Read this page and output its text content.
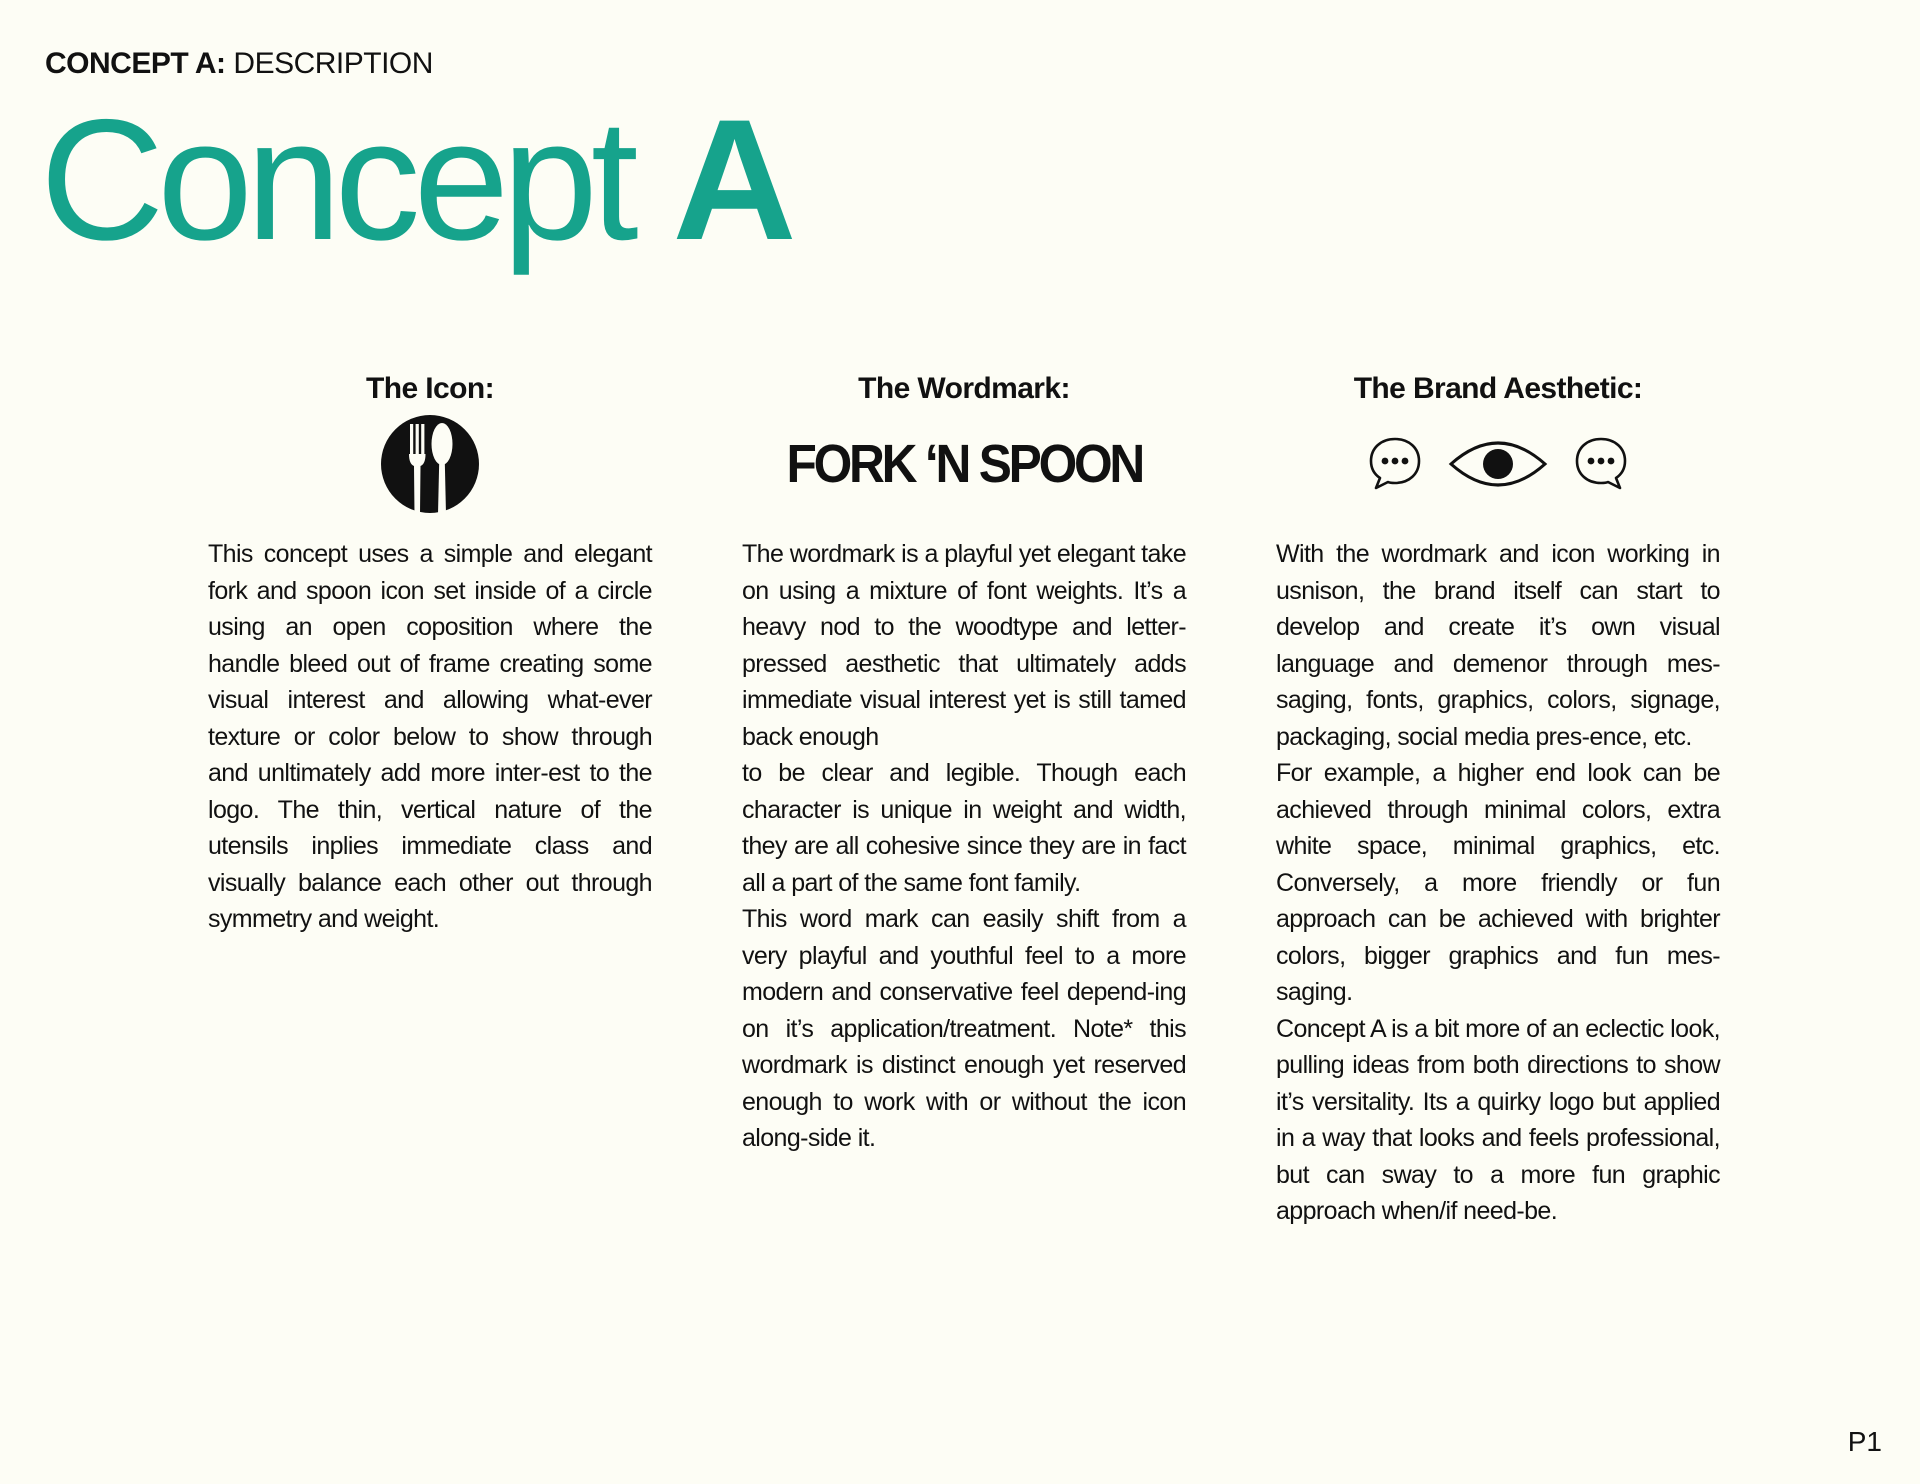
CONCEPT A: DESCRIPTION
Concept A
The Icon:

This concept uses a simple and elegant fork and spoon icon set inside of a circle using an open coposition where the handle bleed out of frame creating some visual interest and allowing what-ever texture or color below to show through and unltimately add more inter-est to the logo. The thin, vertical nature of the utensils inplies immediate class and visually balance each other out through symmetry and weight.

The Wordmark:
FORK ‘N SPOON

The wordmark is a playful yet elegant take on using a mixture of font weights. It’s a heavy nod to the woodtype and letter-pressed aesthetic that ultimately adds immediate visual interest yet is still tamed back enough

to be clear and legible. Though each character is unique in weight and width, they are all cohesive since they are in fact all a part of the same font family.

This word mark can easily shift from a very playful and youthful feel to a more modern and conservative feel depend-ing on it’s application/treatment. Note* this wordmark is distinct enough yet reserved enough to work with or without the icon along-side it.

The Brand Aesthetic:

With the wordmark and icon working in usnison, the brand itself can start to develop and create it’s own visual language and demenor through mes-saging, fonts, graphics, colors, signage, packaging, social media pres-ence, etc.

For example, a higher end look can be achieved through minimal colors, extra white space, minimal graphics, etc. Conversely, a more friendly or fun approach can be achieved with brighter colors, bigger graphics and fun mes-saging.

Concept A is a bit more of an eclectic look, pulling ideas from both directions to show it’s versitality. Its a quirky logo but applied in a way that looks and feels professional, but can sway to a more fun graphic approach when/if need-be.

P1
